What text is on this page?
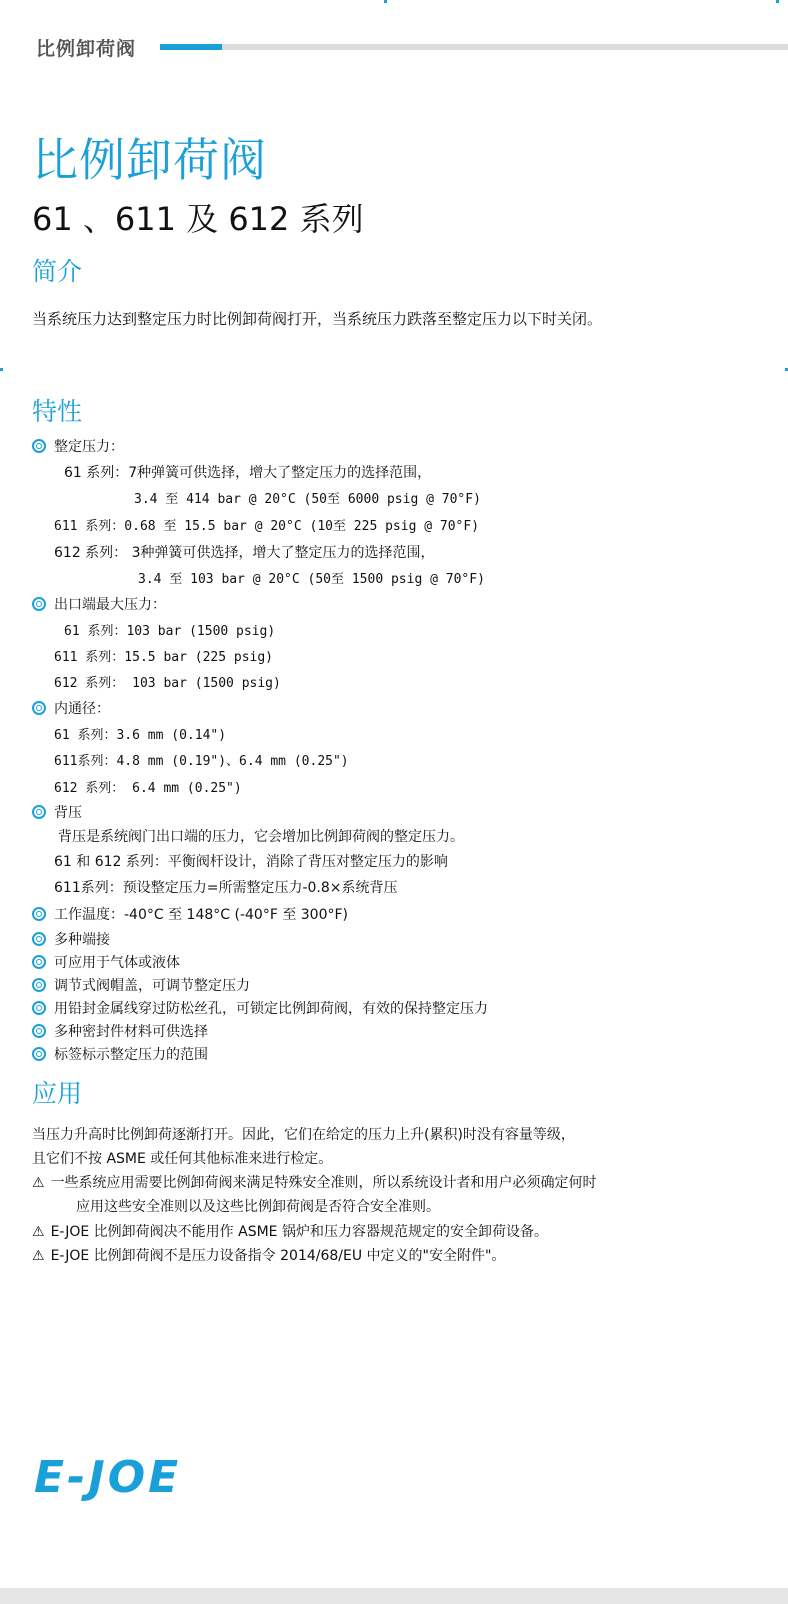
比例卸荷阀
比例卸荷阀
61 、611 及 612 系列
简介
当系统压力达到整定压力时比例卸荷阀打开，当系统压力跌落至整定压力以下时关闭。
特性
整定压力：
61 系列：7种弹簧可供选择，增大了整定压力的选择范围，
3.4 至 414 bar @ 20°C (50至 6000 psig @ 70°F)
611 系列：0.68 至 15.5 bar @ 20°C (10至 225 psig @ 70°F)
612 系列： 3种弹簧可供选择，增大了整定压力的选择范围，
3.4 至 103 bar @ 20°C (50至 1500 psig @ 70°F)
出口端最大压力：
61 系列：103 bar (1500 psig)
611 系列：15.5 bar (225 psig)
612 系列： 103 bar (1500 psig)
内通径：
61 系列：3.6 mm (0.14")
611系列：4.8 mm (0.19")、6.4 mm (0.25")
612 系列： 6.4 mm (0.25")
背压
背压是系统阀门出口端的压力，它会增加比例卸荷阀的整定压力。
61 和 612 系列：平衡阀杆设计，消除了背压对整定压力的影响
611系列：预设整定压力=所需整定压力-0.8×系统背压
工作温度：-40°C 至 148°C (-40°F 至 300°F)
多种端接
可应用于气体或液体
调节式阀帽盖，可调节整定压力
用铅封金属线穿过防松丝孔，可锁定比例卸荷阀，有效的保持整定压力
多种密封件材料可供选择
标签标示整定压力的范围
应用
当压力升高时比例卸荷逐渐打开。因此，它们在给定的压力上升(累积)时没有容量等级，
且它们不按 ASME 或任何其他标准来进行检定。
⚠ 一些系统应用需要比例卸荷阀来满足特殊安全准则，所以系统设计者和用户必须确定何时
应用这些安全准则以及这些比例卸荷阀是否符合安全准则。
⚠ E-JOE 比例卸荷阀决不能用作 ASME 锅炉和压力容器规范规定的安全卸荷设备。
⚠ E-JOE 比例卸荷阀不是压力设备指令 2014/68/EU 中定义的"安全附件"。
E-JOE
